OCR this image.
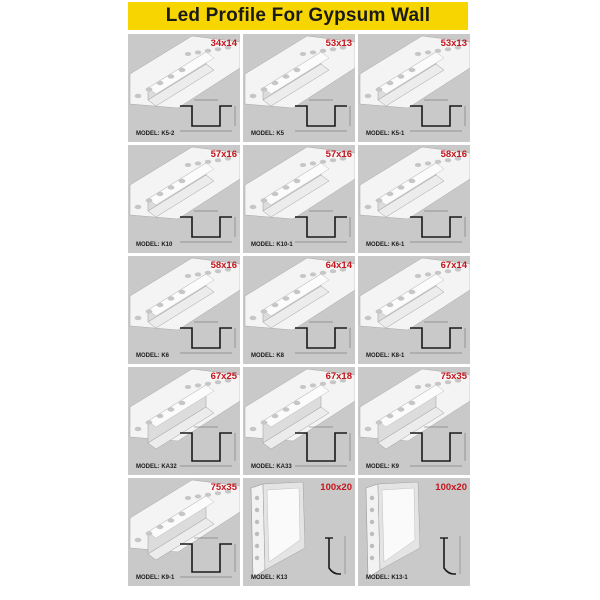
Led Profile For Gypsum Wall
34x14
MODEL: K5-2
53x13
MODEL: K5
53x13
MODEL: K5-1
57x16
MODEL: K10
57x16
MODEL: K10-1
58x16
MODEL: K6-1
58x16
MODEL: K6
64x14
MODEL: K8
67x14
MODEL: K8-1
67x25
MODEL: KA32
67x18
MODEL: KA33
75x35
MODEL: K9
75x35
MODEL: K9-1
100x20
MODEL: K13
100x20
MODEL: K13-1
